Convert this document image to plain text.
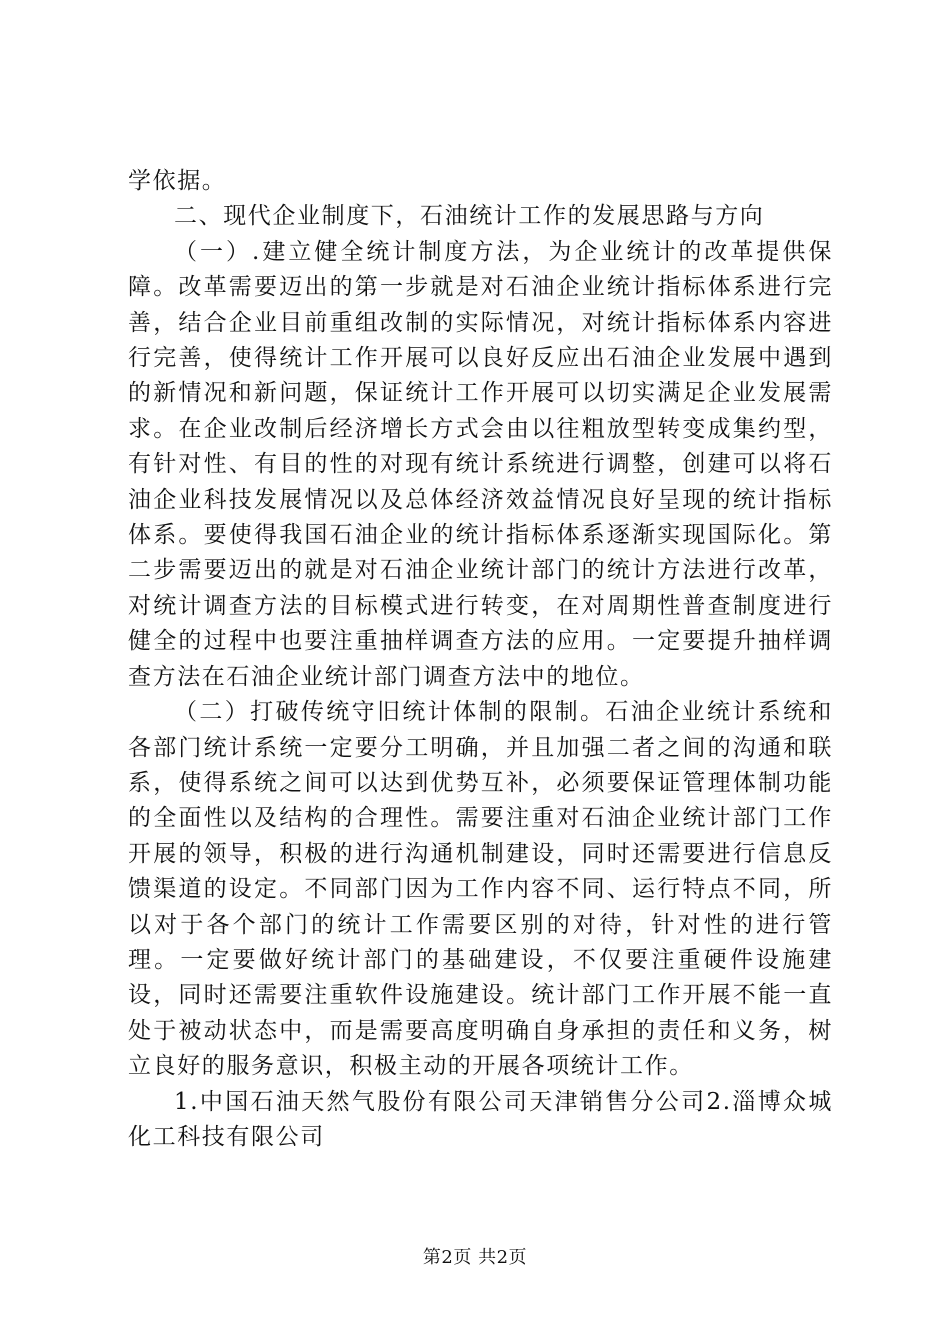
学依据。

二、现代企业制度下，石油统计工作的发展思路与方向

（一）.建立健全统计制度方法，为企业统计的改革提供保障。改革需要迈出的第一步就是对石油企业统计指标体系进行完善，结合企业目前重组改制的实际情况，对统计指标体系内容进行完善，使得统计工作开展可以良好反应出石油企业发展中遇到的新情况和新问题，保证统计工作开展可以切实满足企业发展需求。在企业改制后经济增长方式会由以往粗放型转变成集约型，有针对性、有目的性的对现有统计系统进行调整，创建可以将石油企业科技发展情况以及总体经济效益情况良好呈现的统计指标体系。要使得我国石油企业的统计指标体系逐渐实现国际化。第二步需要迈出的就是对石油企业统计部门的统计方法进行改革，对统计调查方法的目标模式进行转变，在对周期性普查制度进行健全的过程中也要注重抽样调查方法的应用。一定要提升抽样调查方法在石油企业统计部门调查方法中的地位。

（二）打破传统守旧统计体制的限制。石油企业统计系统和各部门统计系统一定要分工明确，并且加强二者之间的沟通和联系，使得系统之间可以达到优势互补，必须要保证管理体制功能的全面性以及结构的合理性。需要注重对石油企业统计部门工作开展的领导，积极的进行沟通机制建设，同时还需要进行信息反馈渠道的设定。不同部门因为工作内容不同、运行特点不同，所以对于各个部门的统计工作需要区别的对待，针对性的进行管理。一定要做好统计部门的基础建设，不仅要注重硬件设施建设，同时还需要注重软件设施建设。统计部门工作开展不能一直处于被动状态中，而是需要高度明确自身承担的责任和义务，树立良好的服务意识，积极主动的开展各项统计工作。

1.中国石油天然气股份有限公司天津销售分公司2.淄博众城化工科技有限公司

第2页 共2页
